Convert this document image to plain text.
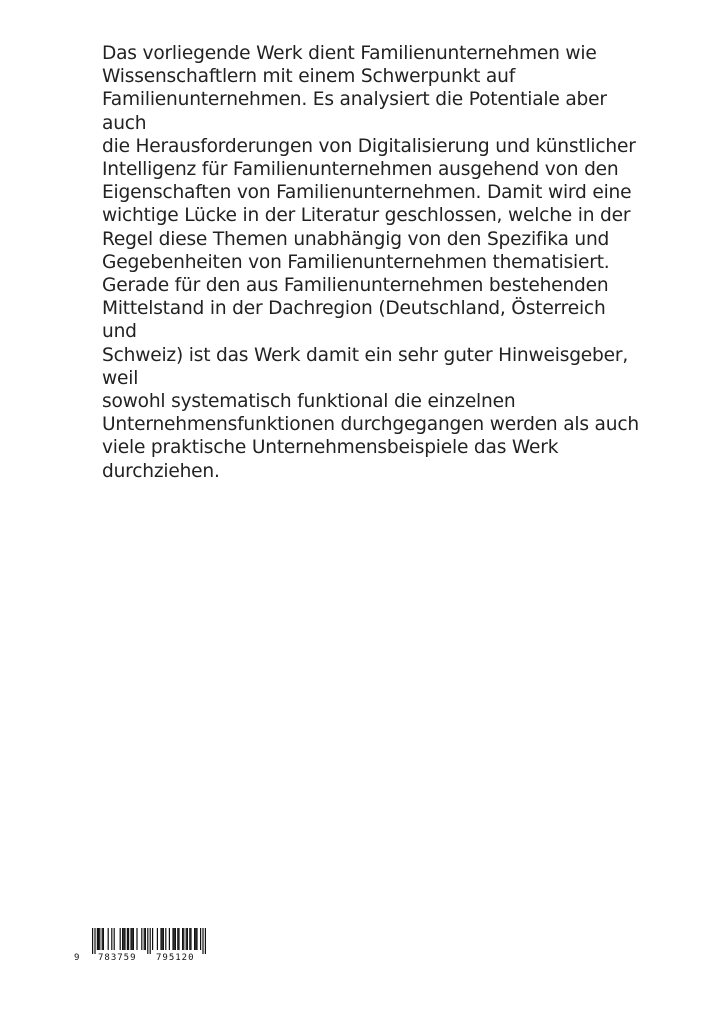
Das vorliegende Werk dient Familienunternehmen wie
Wissenschaftlern mit einem Schwerpunkt auf
Familienunternehmen. Es analysiert die Potentiale aber auch
die Herausforderungen von Digitalisierung und künstlicher
Intelligenz für Familienunternehmen ausgehend von den
Eigenschaften von Familienunternehmen. Damit wird eine
wichtige Lücke in der Literatur geschlossen, welche in der
Regel diese Themen unabhängig von den Spezifika und
Gegebenheiten von Familienunternehmen thematisiert.
Gerade für den aus Familienunternehmen bestehenden
Mittelstand in der Dachregion (Deutschland, Österreich und
Schweiz) ist das Werk damit ein sehr guter Hinweisgeber, weil
sowohl systematisch funktional die einzelnen
Unternehmensfunktionen durchgegangen werden als auch
viele praktische Unternehmensbeispiele das Werk
durchziehen.
9 783759 795120
